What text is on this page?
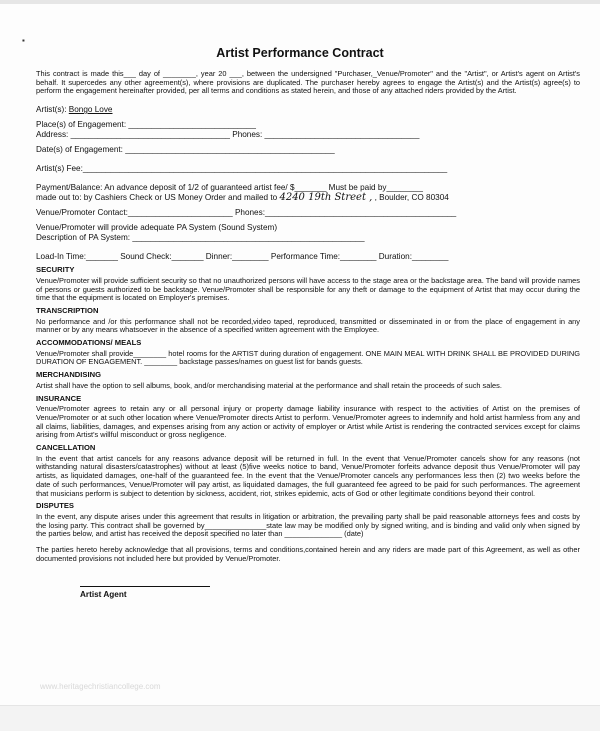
▪
Artist Performance Contract

This contract is made this___ day of ________, year 20 ___, between the undersigned "Purchaser,_Venue/Promoter" and the "Artist", or Artist's agent on Artist's behalf. It supercedes any other agreement(s), where provisions are duplicated. The purchaser hereby agrees to engage the Artist(s) and the Artist(s) agree(s) to perform the engagement hereinafter provided, per all terms and conditions as stated herein, and those of any attached riders provided by the Artist.

Artist(s): Bongo Love
Place(s) of Engagement: ____________________________
Address: ___________________________________ Phones: __________________________________
Date(s) of Engagement: ______________________________________________
Artist(s) Fee:________________________________________________________________________________
Payment/Balance: An advance deposit of 1/2 of guaranteed artist fee/ $_______ Must be paid by________
made out to: by Cashiers Check or US Money Order and mailed to 4240 19th Street , , Boulder, CO 80304
Venue/Promoter Contact:_______________________ Phones:__________________________________________
Venue/Promoter will provide adequate PA System (Sound System)
Description of PA System: ___________________________________________________
Load-In Time:_______ Sound Check:_______ Dinner:________ Performance Time:________ Duration:________
SECURITY

Venue/Promoter will provide sufficient security so that no unauthorized persons will have access to the stage area or the backstage area. The band will provide names of persons or guests authorized to be backstage. Venue/Promoter shall be responsible for any theft or damage to the equipment of Artist that may occur during the time that the equipment is located on Employer's premises.

TRANSCRIPTION

No performance and /or this performance shall not be recorded,video taped, reproduced, transmitted or disseminated in or from the place of engagement in any manner or by any means whatsoever in the absence of a specified written agreement with the Employee.

ACCOMMODATIONS/ MEALS

Venue/Promoter shall provide________ hotel rooms for the ARTIST during duration of engagement. ONE MAIN MEAL WITH DRINK SHALL BE PROVIDED DURING DURATION OF ENGAGEMENT. ________ backstage passes/names on guest list for bands guests.

MERCHANDISING

Artist shall have the option to sell albums, book, and/or merchandising material at the performance and shall retain the proceeds of such sales.

INSURANCE

Venue/Promoter agrees to retain any or all personal injury or property damage liability insurance with respect to the activities of Artist on the premises of Venue/Promoter or at such other location where Venue/Promoter directs Artist to perform. Venue/Promoter agrees to indemnify and hold artist harmless from any and all claims, liabilities, damages, and expenses arising from any action or activity of employer or Artist while Artist is rendering the contracted services except for claims arising from Artist's willful misconduct or gross negligence.

CANCELLATION

In the event that artist cancels for any reasons advance deposit will be returned in full. In the event that Venue/Promoter cancels show for any reasons (not withstanding natural disasters/catastrophes) without at least (5)five weeks notice to band, Venue/Promoter forfeits advance deposit thus Venue/Promoter will pay artists, as liquidated damages, one-half of the guaranteed fee. In the event that the Venue/Promoter cancels any performances less then (2) two weeks before the date of such performances, Venue/Promoter will pay artist, as liquidated damages, the full guaranteed fee agreed to be paid for such performances. The agreement that musicians perform is subject to detention by sickness, accident, riot, strikes epidemic, acts of God or other legitimate conditions beyond their control.

DISPUTES

In the event, any dispute arises under this agreement that results in litigation or arbitration, the prevailing party shall be paid reasonable attorneys fees and costs by the losing party. This contract shall be governed by_______________state law may be modified only by signed writing, and is binding and valid only when signed by the parties below, and artist has received the deposit specified no later than ______________ (date)

The parties hereto hereby acknowledge that all provisions, terms and conditions,contained herein and any riders are made part of this Agreement, as well as other documented provisions not included here but provided by Venue/Promoter.

Artist Agent
www.heritagechristiancollege.com
